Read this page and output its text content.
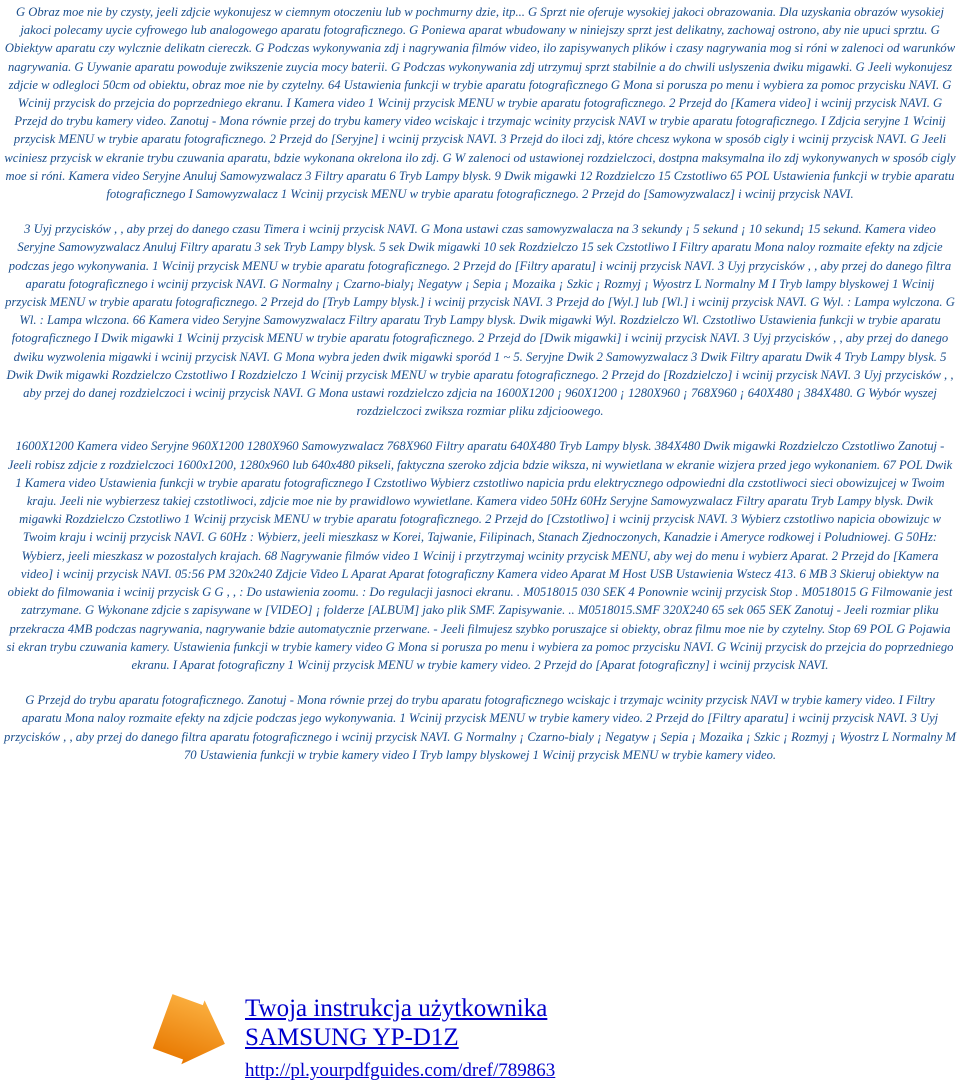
G Obraz moe nie by czysty, jeeli zdjcie wykonujesz w ciemnym otoczeniu lub w pochmurny dzie, itp... G Sprzt nie oferuje wysokiej jakoci obrazowania. Dla uzyskania obrazów wysokiej jakoci polecamy uycie cyfrowego lub analogowego aparatu fotograficznego. G Poniewa aparat wbudowany w niniejszy sprzt jest delikatny, zachowaj ostrono, aby nie upuci sprztu. G Obiektyw aparatu czy wylcznie delikatn ciereczk. G Podczas wykonywania zdj i nagrywania filmów video, ilo zapisywanych plików i czasy nagrywania mog si róni w zalenoci od warunków nagrywania. G Uywanie aparatu powoduje zwikszenie zuycia mocy baterii. G Podczas wykonywania zdj utrzymuj sprzt stabilnie a do chwili uslyszenia dwiku migawki. G Jeeli wykonujesz zdjcie w odlegloci 50cm od obiektu, obraz moe nie by czytelny. 64 Ustawienia funkcji w trybie aparatu fotograficznego G Mona si porusza po menu i wybiera za pomoc przycisku NAVI. G Wcinij przycisk do przejcia do poprzedniego ekranu. I Kamera video 1 Wcinij przycisk MENU w trybie aparatu fotograficznego. 2 Przejd do [Kamera video] i wcinij przycisk NAVI. G Przejd do trybu kamery video. Zanotuj - Mona równie przej do trybu kamery video wciskajc i trzymajc wcinity przycisk NAVI w trybie aparatu fotograficznego. I Zdjcia seryjne 1 Wcinij przycisk MENU w trybie aparatu fotograficznego. 2 Przejd do [Seryjne] i wcinij przycisk NAVI. 3 Przejd do iloci zdj, które chcesz wykona w sposób cigly i wcinij przycisk NAVI. G Jeeli wciniesz przycisk w ekranie trybu czuwania aparatu, bdzie wykonana okrelona ilo zdj. G W zalenoci od ustawionej rozdzielczoci, dostpna maksymalna ilo zdj wykonywanych w sposób cigly moe si róni. Kamera video Seryjne Anuluj Samowyzwalacz 3 Filtry aparatu 6 Tryb Lampy blysk. 9 Dwik migawki 12 Rozdzielczo 15 Czstotliwo 65 POL Ustawienia funkcji w trybie aparatu fotograficznego I Samowyzwalacz 1 Wcinij przycisk MENU w trybie aparatu fotograficznego. 2 Przejd do [Samowyzwalacz] i wcinij przycisk NAVI.

3 Uyj przycisków , , aby przej do danego czasu Timera i wcinij przycisk NAVI. G Mona ustawi czas samowyzwalacza na 3 sekundy ¡ 5 sekund ¡ 10 sekund¡ 15 sekund. Kamera video Seryjne Samowyzwalacz Anuluj Filtry aparatu 3 sek Tryb Lampy blysk. 5 sek Dwik migawki 10 sek Rozdzielczo 15 sek Czstotliwo I Filtry aparatu Mona naloy rozmaite efekty na zdjcie podczas jego wykonywania. 1 Wcinij przycisk MENU w trybie aparatu fotograficznego. 2 Przejd do [Filtry aparatu] i wcinij przycisk NAVI. 3 Uyj przycisków , , aby przej do danego filtra aparatu fotograficznego i wcinij przycisk NAVI. G Normalny ¡ Czarno-bialy¡ Negatyw ¡ Sepia ¡ Mozaika ¡ Szkic ¡ Rozmyj ¡ Wyostrz L Normalny M I Tryb lampy blyskowej 1 Wcinij przycisk MENU w trybie aparatu fotograficznego. 2 Przejd do [Tryb Lampy blysk.] i wcinij przycisk NAVI. 3 Przejd do [Wyl.] lub [Wl.] i wcinij przycisk NAVI. G Wyl. : Lampa wylczona. G Wl. : Lampa wlczona. 66 Kamera video Seryjne Samowyzwalacz Filtry aparatu Tryb Lampy blysk. Dwik migawki Wyl. Rozdzielczo Wl. Czstotliwo Ustawienia funkcji w trybie aparatu fotograficznego I Dwik migawki 1 Wcinij przycisk MENU w trybie aparatu fotograficznego. 2 Przejd do [Dwik migawki] i wcinij przycisk NAVI. 3 Uyj przycisków , , aby przej do danego dwiku wyzwolenia migawki i wcinij przycisk NAVI. G Mona wybra jeden dwik migawki sporód 1 ~ 5. Seryjne Dwik 2 Samowyzwalacz 3 Dwik Filtry aparatu Dwik 4 Tryb Lampy blysk. 5 Dwik Dwik migawki Rozdzielczo Czstotliwo I Rozdzielczo 1 Wcinij przycisk MENU w trybie aparatu fotograficznego. 2 Przejd do [Rozdzielczo] i wcinij przycisk NAVI. 3 Uyj przycisków , , aby przej do danej rozdzielczoci i wcinij przycisk NAVI. G Mona ustawi rozdzielczo zdjcia na 1600X1200 ¡ 960X1200 ¡ 1280X960 ¡ 768X960 ¡ 640X480 ¡ 384X480. G Wybór wyszej rozdzielczoci zwiksza rozmiar pliku zdjcioowego.

1600X1200 Kamera video Seryjne 960X1200 1280X960 Samowyzwalacz 768X960 Filtry aparatu 640X480 Tryb Lampy blysk. 384X480 Dwik migawki Rozdzielczo Czstotliwo Zanotuj - Jeeli robisz zdjcie z rozdzielczoci 1600x1200, 1280x960 lub 640x480 pikseli, faktyczna szeroko zdjcia bdzie wiksza, ni wywietlana w ekranie wizjera przed jego wykonaniem. 67 POL Dwik 1 Kamera video Ustawienia funkcji w trybie aparatu fotograficznego I Czstotliwo Wybierz czstotliwo napicia prdu elektrycznego odpowiedni dla czstotliwoci sieci obowizujcej w Twoim kraju. Jeeli nie wybierzesz takiej czstotliwoci, zdjcie moe nie by prawidlowo wywietlane. Kamera video 50Hz 60Hz Seryjne Samowyzwalacz Filtry aparatu Tryb Lampy blysk. Dwik migawki Rozdzielczo Czstotliwo 1 Wcinij przycisk MENU w trybie aparatu fotograficznego. 2 Przejd do [Czstotliwo] i wcinij przycisk NAVI. 3 Wybierz czstotliwo napicia obowizujc w Twoim kraju i wcinij przycisk NAVI. G 60Hz : Wybierz, jeeli mieszkasz w Korei, Tajwanie, Filipinach, Stanach Zjednoczonych, Kanadzie i Ameryce rodkowej i Poludniowej. G 50Hz: Wybierz, jeeli mieszkasz w pozostalych krajach. 68 Nagrywanie filmów video 1 Wcinij i przytrzymaj wcinity przycisk MENU, aby wej do menu i wybierz Aparat. 2 Przejd do [Kamera video] i wcinij przycisk NAVI. 05:56 PM 320x240 Zdjcie Video L Aparat Aparat fotograficzny Kamera video Aparat M Host USB Ustawienia Wstecz 413. 6 MB 3 Skieruj obiektyw na obiekt do filmowania i wcinij przycisk G G , , : Do ustawienia zoomu. : Do regulacji jasnoci ekranu. . M0518015 030 SEK 4 Ponownie wcinij przycisk Stop . M0518015 G Filmowanie jest zatrzymane. G Wykonane zdjcie s zapisywane w [VIDEO] ¡ folderze [ALBUM] jako plik SMF. Zapisywanie. .. M0518015.SMF 320X240 65 sek 065 SEK Zanotuj - Jeeli rozmiar pliku przekracza 4MB podczas nagrywania, nagrywanie bdzie automatycznie przerwane. - Jeeli filmujesz szybko poruszajce si obiekty, obraz filmu moe nie by czytelny. Stop 69 POL G Pojawia si ekran trybu czuwania kamery. Ustawienia funkcji w trybie kamery video G Mona si porusza po menu i wybiera za pomoc przycisku NAVI. G Wcinij przycisk do przejcia do poprzedniego ekranu. I Aparat fotograficzny 1 Wcinij przycisk MENU w trybie kamery video. 2 Przejd do [Aparat fotograficzny] i wcinij przycisk NAVI.

G Przejd do trybu aparatu fotograficznego. Zanotuj - Mona równie przej do trybu aparatu fotograficznego wciskajc i trzymajc wcinity przycisk NAVI w trybie kamery video. I Filtry aparatu Mona naloy rozmaite efekty na zdjcie podczas jego wykonywania. 1 Wcinij przycisk MENU w trybie kamery video. 2 Przejd do [Filtry aparatu] i wcinij przycisk NAVI. 3 Uyj przycisków , , aby przej do danego filtra aparatu fotograficznego i wcinij przycisk NAVI. G Normalny ¡ Czarno-bialy ¡ Negatyw ¡ Sepia ¡ Mozaika ¡ Szkic ¡ Rozmyj ¡ Wyostrz L Normalny M 70 Ustawienia funkcji w trybie kamery video I Tryb lampy blyskowej 1 Wcinij przycisk MENU w trybie kamery video.

Twoja instrukcja użytkownika
SAMSUNG YP-D1Z
http://pl.yourpdfguides.com/dref/789863
